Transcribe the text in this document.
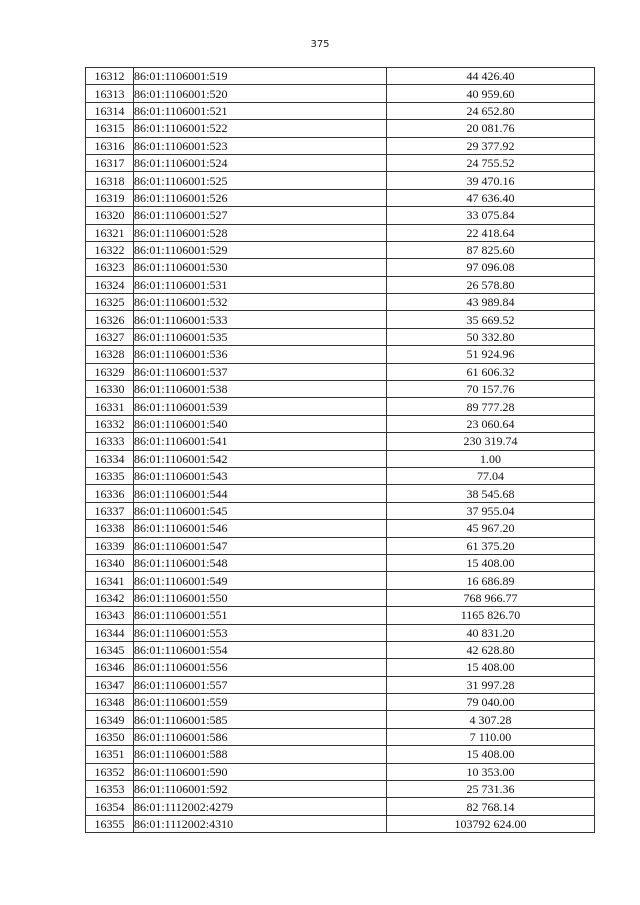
375
16312	86:01:1106001:519	44 426.40
16313	86:01:1106001:520	40 959.60
16314	86:01:1106001:521	24 652.80
16315	86:01:1106001:522	20 081.76
16316	86:01:1106001:523	29 377.92
16317	86:01:1106001:524	24 755.52
16318	86:01:1106001:525	39 470.16
16319	86:01:1106001:526	47 636.40
16320	86:01:1106001:527	33 075.84
16321	86:01:1106001:528	22 418.64
16322	86:01:1106001:529	87 825.60
16323	86:01:1106001:530	97 096.08
16324	86:01:1106001:531	26 578.80
16325	86:01:1106001:532	43 989.84
16326	86:01:1106001:533	35 669.52
16327	86:01:1106001:535	50 332.80
16328	86:01:1106001:536	51 924.96
16329	86:01:1106001:537	61 606.32
16330	86:01:1106001:538	70 157.76
16331	86:01:1106001:539	89 777.28
16332	86:01:1106001:540	23 060.64
16333	86:01:1106001:541	230 319.74
16334	86:01:1106001:542	1.00
16335	86:01:1106001:543	77.04
16336	86:01:1106001:544	38 545.68
16337	86:01:1106001:545	37 955.04
16338	86:01:1106001:546	45 967.20
16339	86:01:1106001:547	61 375.20
16340	86:01:1106001:548	15 408.00
16341	86:01:1106001:549	16 686.89
16342	86:01:1106001:550	768 966.77
16343	86:01:1106001:551	1165 826.70
16344	86:01:1106001:553	40 831.20
16345	86:01:1106001:554	42 628.80
16346	86:01:1106001:556	15 408.00
16347	86:01:1106001:557	31 997.28
16348	86:01:1106001:559	79 040.00
16349	86:01:1106001:585	4 307.28
16350	86:01:1106001:586	7 110.00
16351	86:01:1106001:588	15 408.00
16352	86:01:1106001:590	10 353.00
16353	86:01:1106001:592	25 731.36
16354	86:01:1112002:4279	82 768.14
16355	86:01:1112002:4310	103792 624.00
